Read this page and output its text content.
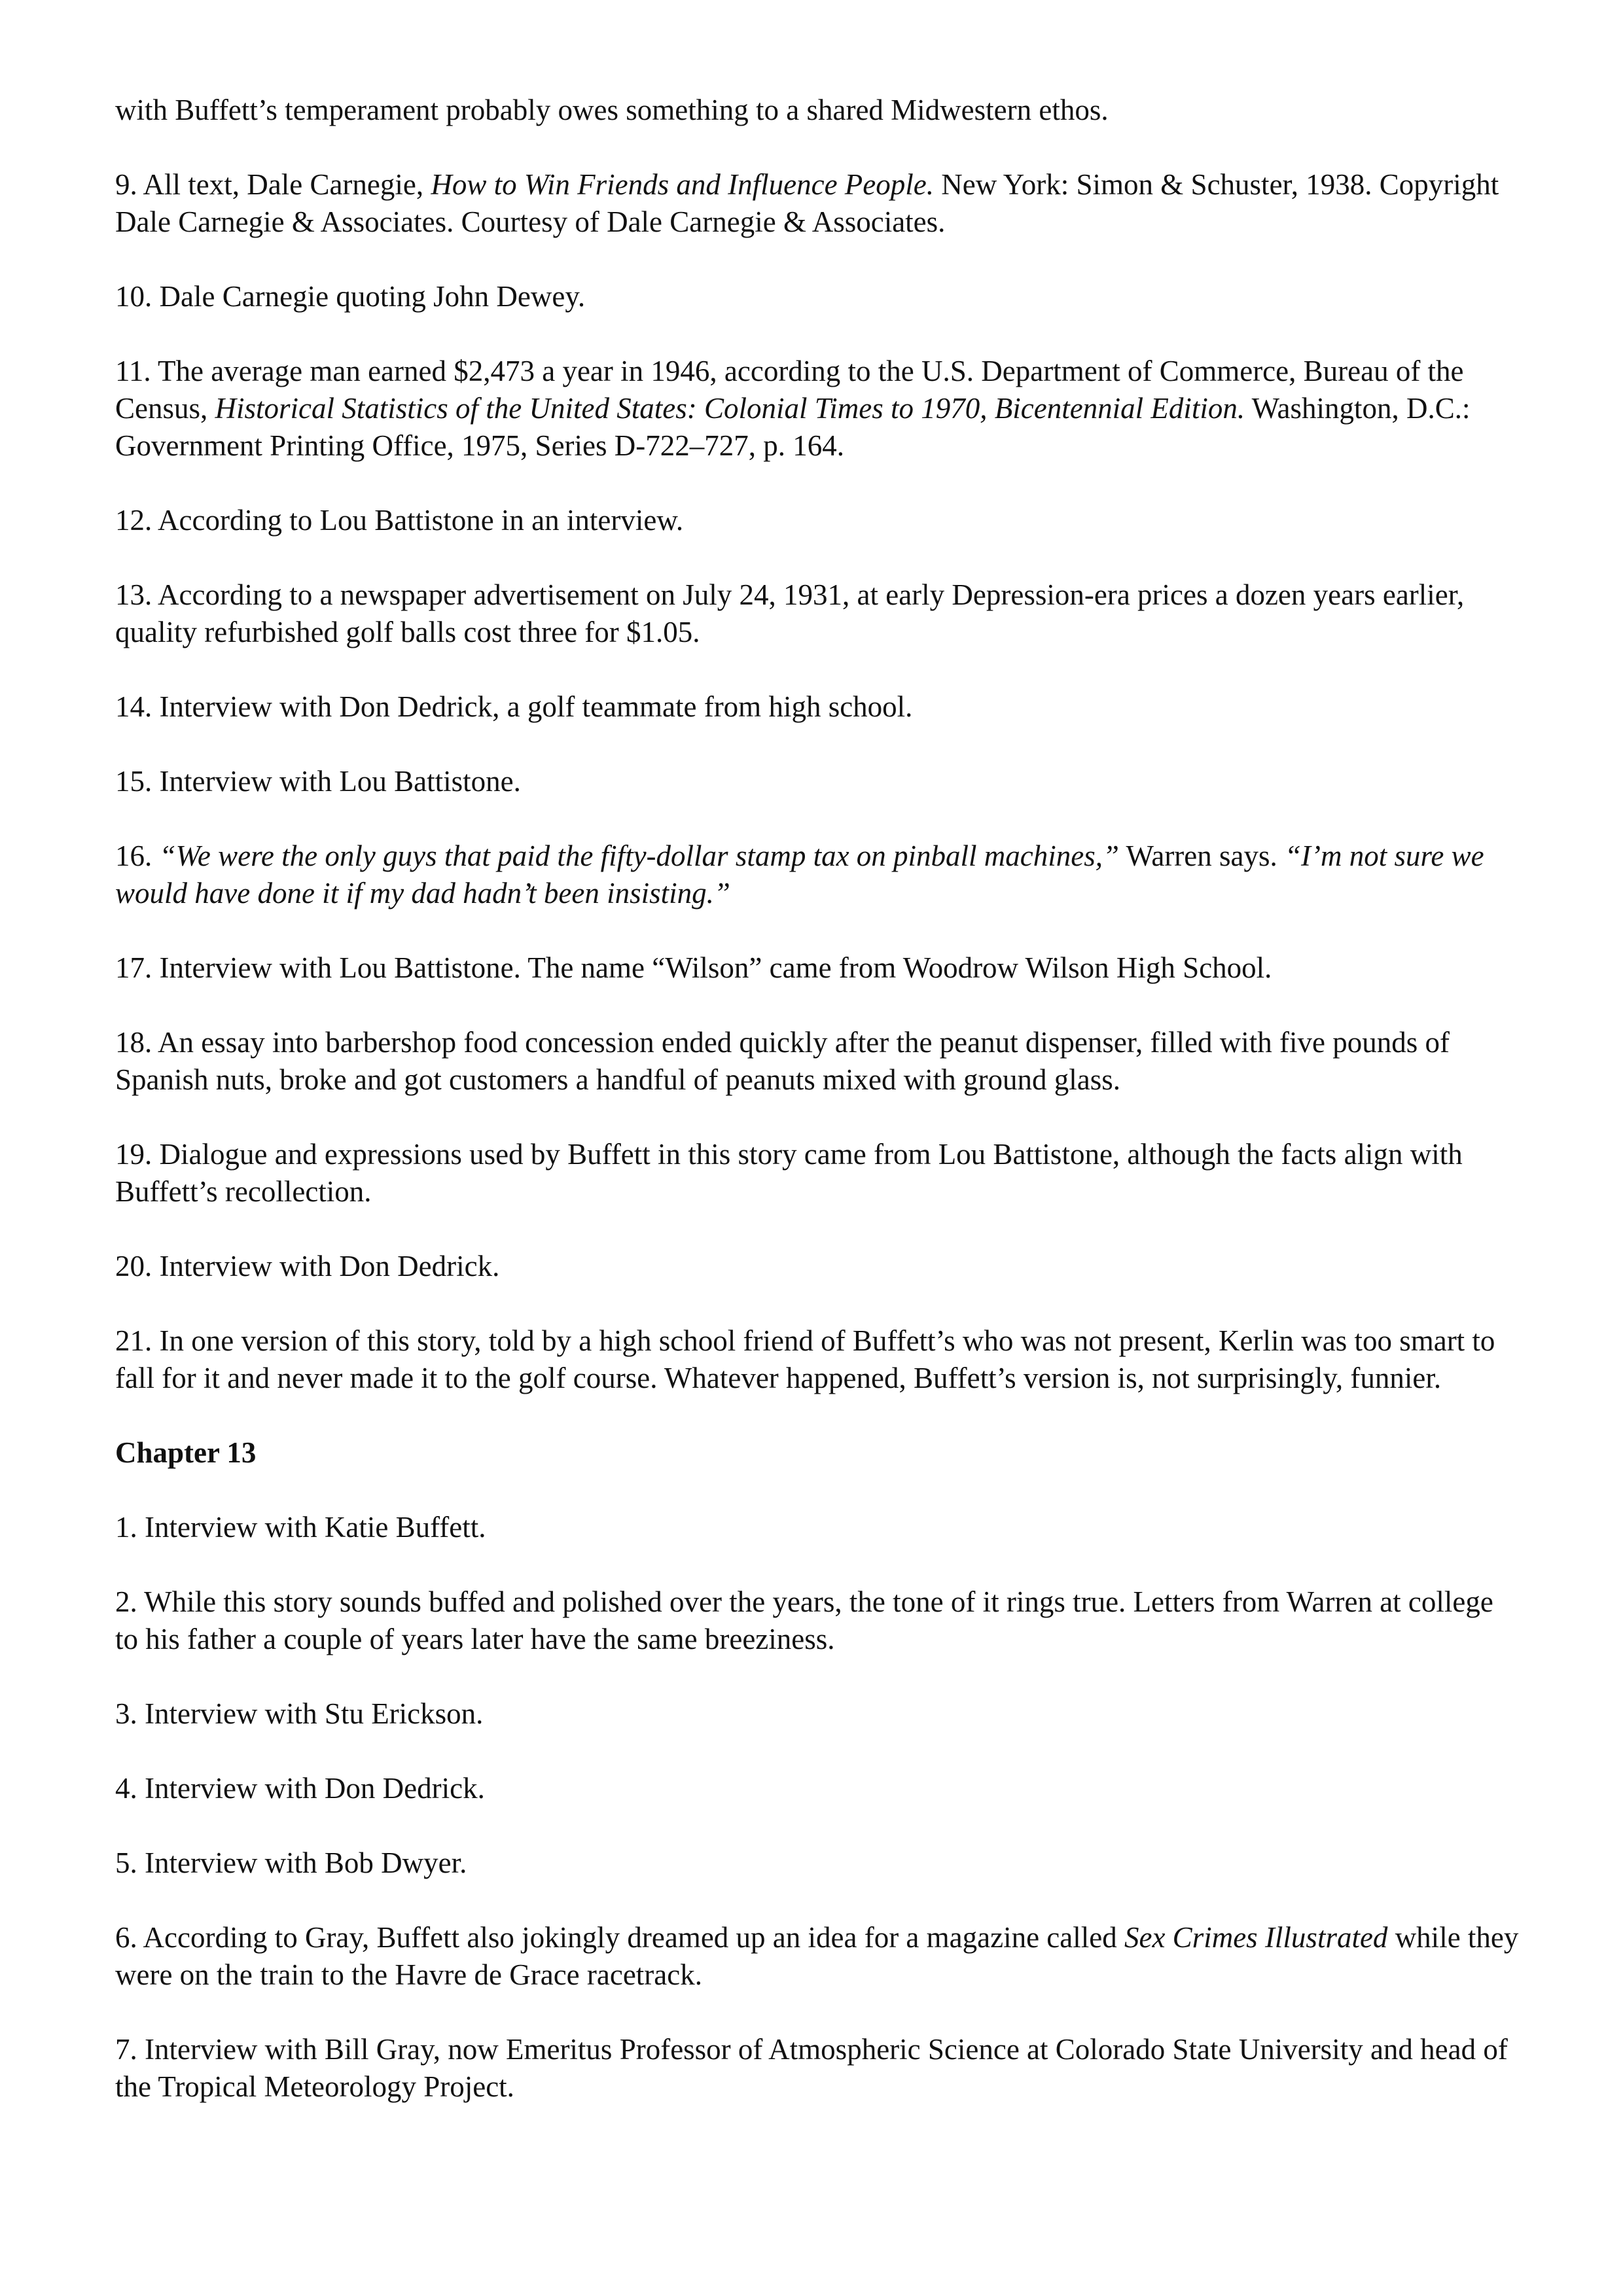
with Buffett’s temperament probably owes something to a shared Midwestern ethos.

9. All text, Dale Carnegie, How to Win Friends and Influence People. New York: Simon & Schuster, 1938. Copyright Dale Carnegie & Associates. Courtesy of Dale Carnegie & Associates.

10. Dale Carnegie quoting John Dewey.

11. The average man earned $2,473 a year in 1946, according to the U.S. Department of Commerce, Bureau of the Census, Historical Statistics of the United States: Colonial Times to 1970, Bicentennial Edition. Washington, D.C.: Government Printing Office, 1975, Series D-722–727, p. 164.

12. According to Lou Battistone in an interview.

13. According to a newspaper advertisement on July 24, 1931, at early Depression-era prices a dozen years earlier, quality refurbished golf balls cost three for $1.05.

14. Interview with Don Dedrick, a golf teammate from high school.

15. Interview with Lou Battistone.

16. “We were the only guys that paid the fifty-dollar stamp tax on pinball machines,” Warren says. “I’m not sure we would have done it if my dad hadn’t been insisting.”

17. Interview with Lou Battistone. The name “Wilson” came from Woodrow Wilson High School.

18. An essay into barbershop food concession ended quickly after the peanut dispenser, filled with five pounds of Spanish nuts, broke and got customers a handful of peanuts mixed with ground glass.

19. Dialogue and expressions used by Buffett in this story came from Lou Battistone, although the facts align with Buffett’s recollection.

20. Interview with Don Dedrick.

21. In one version of this story, told by a high school friend of Buffett’s who was not present, Kerlin was too smart to fall for it and never made it to the golf course. Whatever happened, Buffett’s version is, not surprisingly, funnier.

Chapter 13

1. Interview with Katie Buffett.

2. While this story sounds buffed and polished over the years, the tone of it rings true. Letters from Warren at college to his father a couple of years later have the same breeziness.

3. Interview with Stu Erickson.

4. Interview with Don Dedrick.

5. Interview with Bob Dwyer.

6. According to Gray, Buffett also jokingly dreamed up an idea for a magazine called Sex Crimes Illustrated while they were on the train to the Havre de Grace racetrack.

7. Interview with Bill Gray, now Emeritus Professor of Atmospheric Science at Colorado State University and head of the Tropical Meteorology Project.
